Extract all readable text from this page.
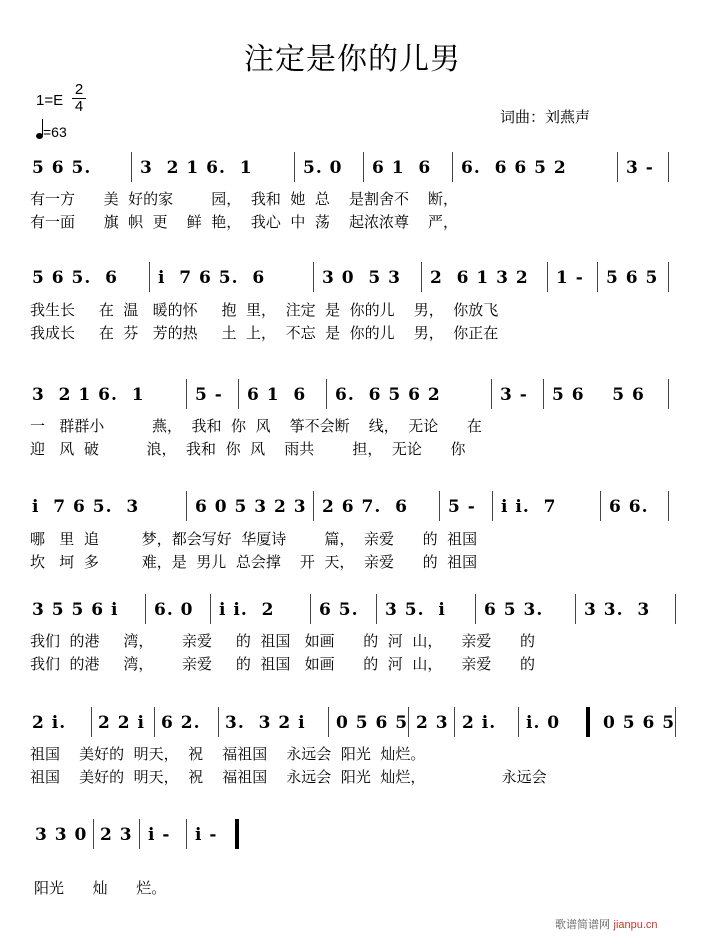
注定是你的儿男
$1=E \frac{2}{4}$
=63
词曲：刘燕声
5 6 5.	3  2 1 6.  1	5. 0 6 1  6 6.  6 6 5 2	3 -
有一方      美  好的家        园，  我和  她  总    是割舍不    断，
有一面      旗  帜  更    鲜  艳，  我心  中  荡    起浓浓尊    严，
5 6 5.  6 i  7 6 5.  6	3 0  5 3 2  6 1 3 2 1 - 5 6 5
我生长     在  温   暖的怀     抱  里，  注定  是  你的儿    男，  你放飞
我成长     在  芬   芳的热     土  上，  不忘  是  你的儿    男，  你正在
3  2 1 6.  1	5 - 6 1  6 6.  6 5 6 2	3 - 5 6    5 6
一   群群小          燕，  我和  你  风    筝不会断    线，  无论      在
迎   风  破          浪，  我和  你  风    雨共        担，  无论      你
i  7 6 5.  3	6 0 5 3 2 3 2 6 7.  6 5 - i i.  7	6 6.
哪   里  追         梦，都会写好  华厦诗        篇，  亲爱      的  祖国
坎   坷  多         难，是  男儿  总会撑    开  天，  亲爱      的  祖国
3 5 5 6 i 6. 0 i i.  2	6 5. 3 5.  i 6 5 3. 3 3.  3
我们  的港     湾，      亲爱     的  祖国   如画      的  河  山，    亲爱      的
我们  的港     湾，      亲爱     的  祖国   如画      的  河  山，    亲爱      的
2 i. 2 2 i 6 2. 3.  3 2 i 0 5 6 5 2 3 2 i. i. 0	0 5 6 5
祖国    美好的  明天，  祝    福祖国    永远会  阳光  灿烂。
祖国    美好的  明天，  祝    福祖国    永远会  阳光  灿烂，                永远会
3 3 0 2 3 i - i -
阳光      灿      烂。
歌谱简谱网 jianpu.cn
